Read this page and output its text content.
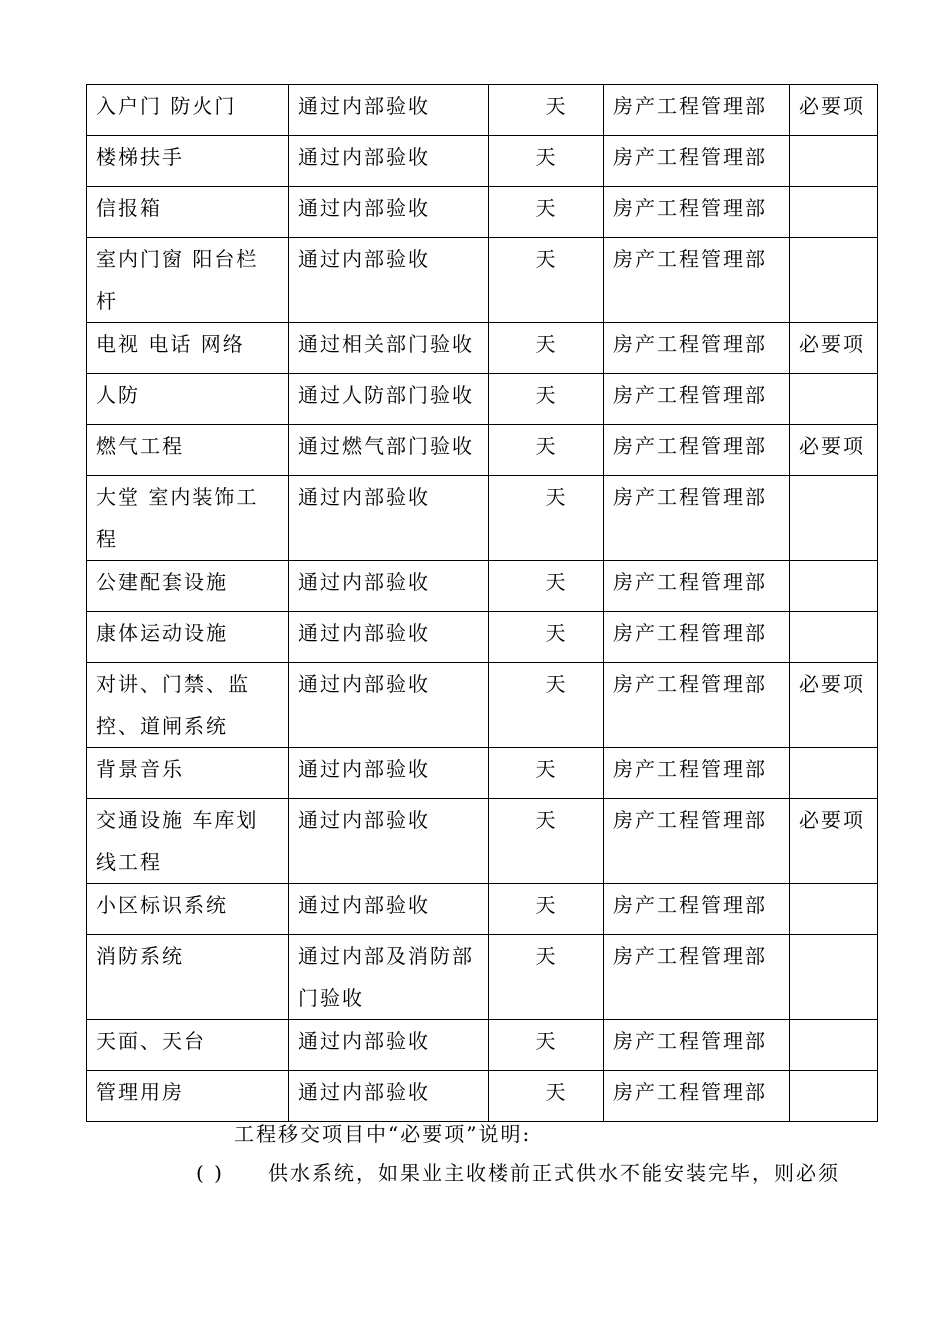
入户门 防火门	通过内部验收	天	房产工程管理部	必要项
楼梯扶手	通过内部验收	天	房产工程管理部	
信报箱	通过内部验收	天	房产工程管理部	
室内门窗 阳台栏杆	通过内部验收	天	房产工程管理部	
电视 电话 网络	通过相关部门验收	天	房产工程管理部	必要项
人防	通过人防部门验收	天	房产工程管理部	
燃气工程	通过燃气部门验收	天	房产工程管理部	必要项
大堂 室内装饰工程	通过内部验收	天	房产工程管理部	
公建配套设施	通过内部验收	天	房产工程管理部	
康体运动设施	通过内部验收	天	房产工程管理部	
对讲、门禁、监控、道闸系统	通过内部验收	天	房产工程管理部	必要项
背景音乐	通过内部验收	天	房产工程管理部	
交通设施 车库划线工程	通过内部验收	天	房产工程管理部	必要项
小区标识系统	通过内部验收	天	房产工程管理部	
消防系统	通过内部及消防部门验收	天	房产工程管理部	
天面、天台	通过内部验收	天	房产工程管理部	
管理用房	通过内部验收	天	房产工程管理部	
工程移交项目中“必要项”说明:
( ) 供水系统，如果业主收楼前正式供水不能安装完毕，则必须
